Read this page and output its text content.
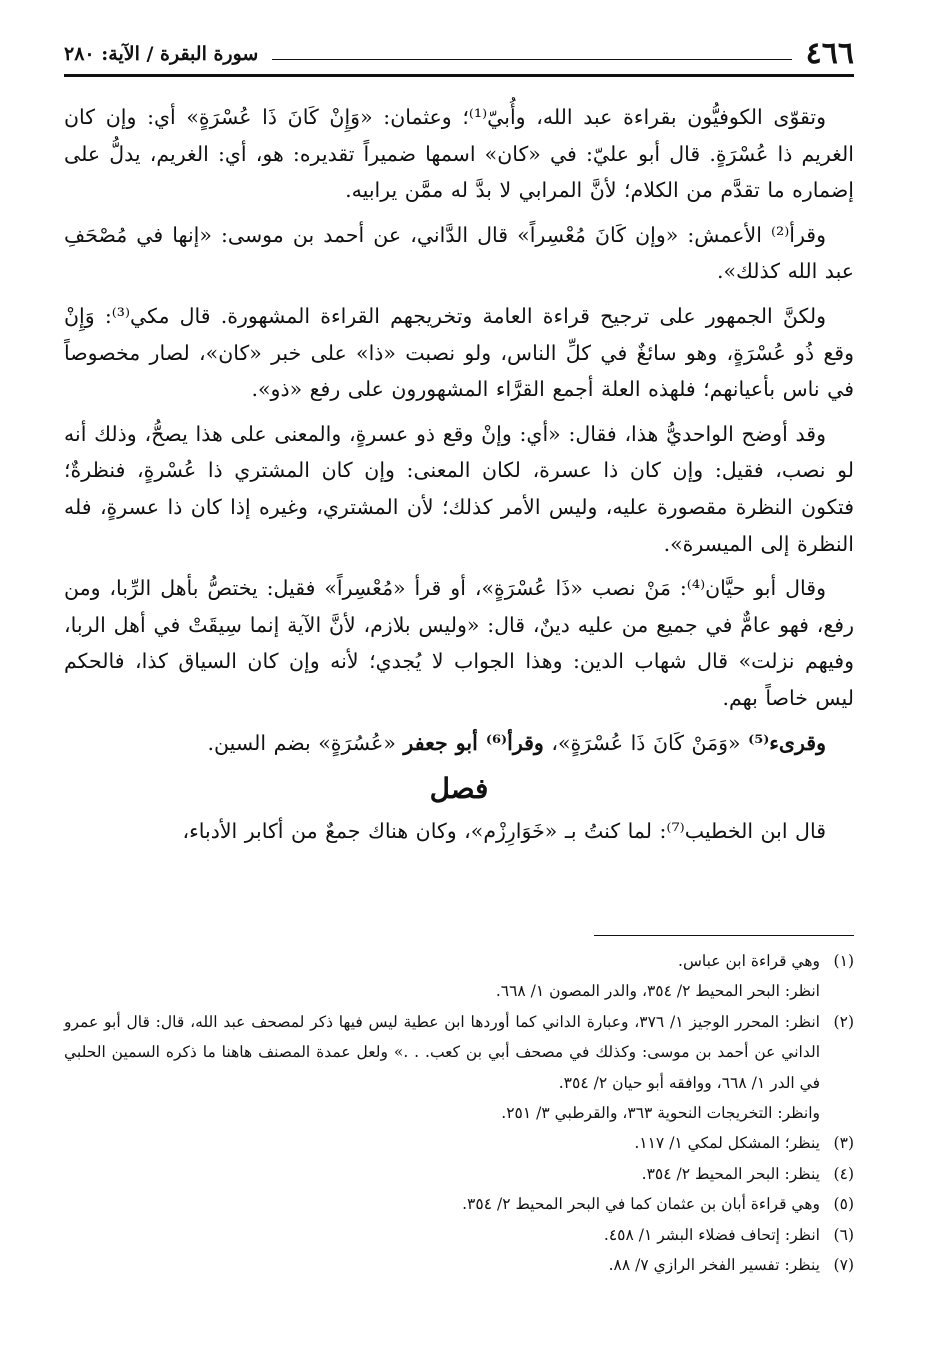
٤٦٦
سورة البقرة / الآية: ٢٨٠

وتقوّى الكوفيُّون بقراءة عبد الله، وأُبيّ⁽¹⁾؛ وعثمان: «وَإِنْ كَانَ ذَا عُسْرَةٍ» أي: وإن كان الغريم ذا عُسْرَةٍ. قال أبو عليّ: في «كان» اسمها ضميراً تقديره: هو، أي: الغريم، يدلُّ على إضماره ما تقدَّم من الكلام؛ لأنَّ المرابي لا بدَّ له ممَّن يرابيه.

وقرأ⁽²⁾ الأعمش: «وإن كَانَ مُعْسِراً» قال الدَّاني، عن أحمد بن موسى: «إنها في مُصْحَفِ عبد الله كذلك».

ولكنَّ الجمهور على ترجيح قراءة العامة وتخريجهم القراءة المشهورة. قال مكي⁽³⁾: وَإِنْ وقع ذُو عُسْرَةٍ، وهو سائغٌ في كلِّ الناس، ولو نصبت «ذا» على خبر «كان»، لصار مخصوصاً في ناس بأعيانهم؛ فلهذه العلة أجمع القرَّاء المشهورون على رفع «ذو».

وقد أوضح الواحديُّ هذا، فقال: «أي: وإنْ وقع ذو عسرةٍ، والمعنى على هذا يصحُّ، وذلك أنه لو نصب، فقيل: وإن كان ذا عسرة، لكان المعنى: وإن كان المشتري ذا عُسْرةٍ، فنظرةٌ؛ فتكون النظرة مقصورة عليه، وليس الأمر كذلك؛ لأن المشتري، وغيره إذا كان ذا عسرةٍ، فله النظرة إلى الميسرة».

وقال أبو حيَّان⁽⁴⁾: مَنْ نصب «ذَا عُسْرَةٍ»، أو قرأ «مُعْسِراً» فقيل: يختصُّ بأهل الرِّبا، ومن رفع، فهو عامٌّ في جميع من عليه دينٌ، قال: «وليس بلازم، لأنَّ الآية إنما سِيقَتْ في أهل الربا، وفيهم نزلت» قال شهاب الدين: وهذا الجواب لا يُجدي؛ لأنه وإن كان السياق كذا، فالحكم ليس خاصاً بهم.

وقرىء⁽⁵⁾ «وَمَنْ كَانَ ذَا عُسْرَةٍ»، وقرأ⁽⁶⁾ أبو جعفر «عُسُرَةٍ» بضم السين.

فصل

قال ابن الخطيب⁽⁷⁾: لما كنتُ بـ «خَوَارِزْم»، وكان هناك جمعٌ من أكابر الأدباء،

(١)
وهي قراءة ابن عباس.
انظر: البحر المحيط ٢/ ٣٥٤، والدر المصون ١/ ٦٦٨.
(٢)
انظر: المحرر الوجيز ١/ ٣٧٦، وعبارة الداني كما أوردها ابن عطية ليس فيها ذكر لمصحف عبد الله، قال: قال أبو عمرو الداني عن أحمد بن موسى: وكذلك في مصحف أبي بن كعب. . .» ولعل عمدة المصنف هاهنا ما ذكره السمين الحلبي في الدر ١/ ٦٦٨، ووافقه أبو حيان ٢/ ٣٥٤.
وانظر: التخريجات النحوية ٣٦٣، والقرطبي ٣/ ٢٥١.
(٣)
ينظر؛ المشكل لمكي ١/ ١١٧.
(٤)
ينظر: البحر المحيط ٢/ ٣٥٤.
(٥)
وهي قراءة أبان بن عثمان كما في البحر المحيط ٢/ ٣٥٤.
(٦)
انظر: إتحاف فضلاء البشر ١/ ٤٥٨.
(٧)
ينظر: تفسير الفخر الرازي ٧/ ٨٨.
